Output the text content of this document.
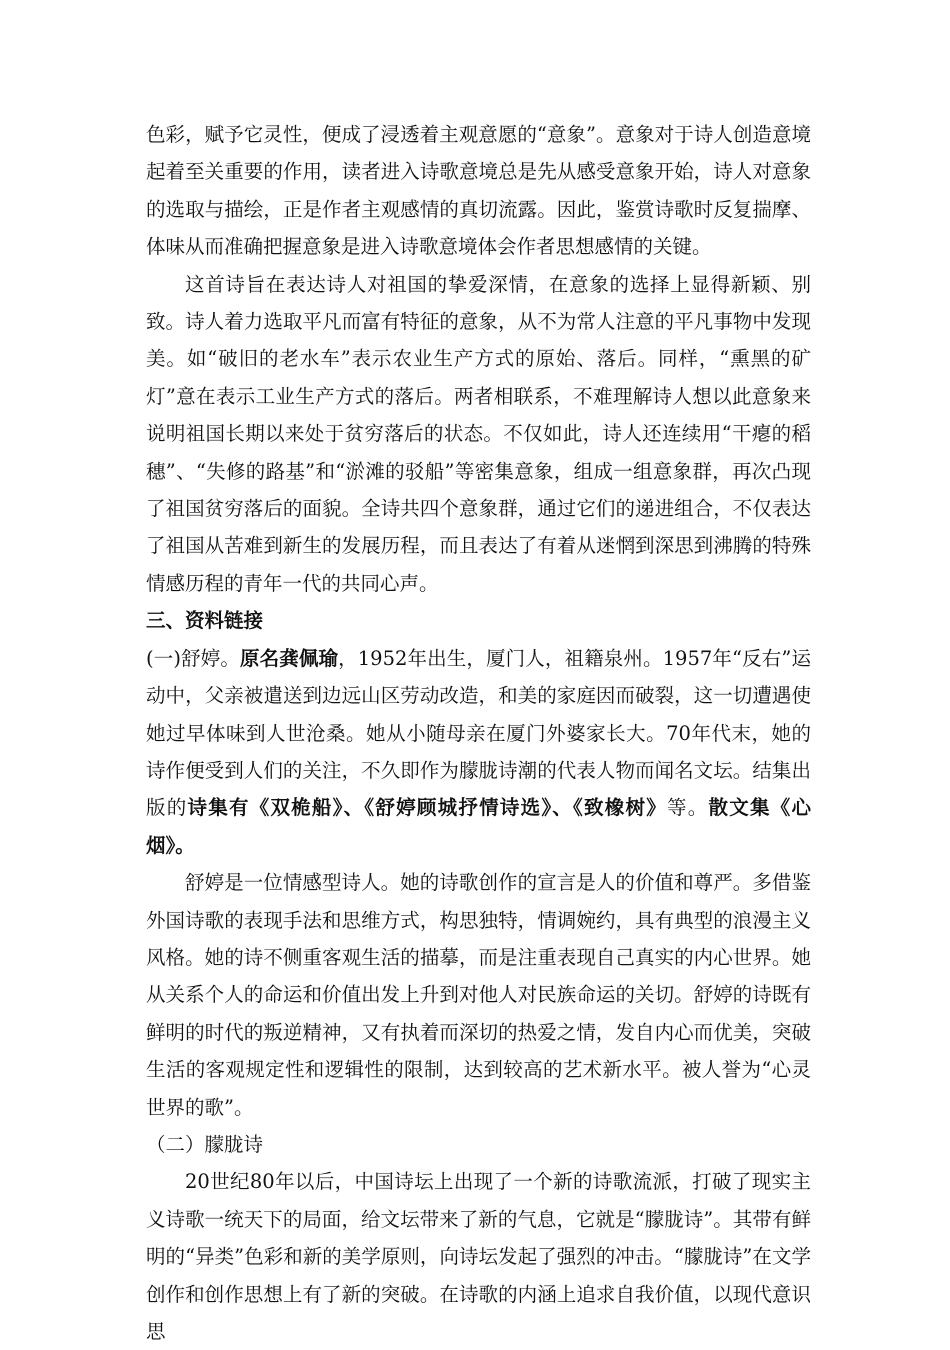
色彩，赋予它灵性，便成了浸透着主观意愿的“意象”。意象对于诗人创造意境起着至关重要的作用，读者进入诗歌意境总是先从感受意象开始，诗人对意象的选取与描绘，正是作者主观感情的真切流露。因此，鉴赏诗歌时反复揣摩、体味从而准确把握意象是进入诗歌意境体会作者思想感情的关键。

这首诗旨在表达诗人对祖国的挚爱深情，在意象的选择上显得新颖、别致。诗人着力选取平凡而富有特征的意象，从不为常人注意的平凡事物中发现美。如“破旧的老水车”表示农业生产方式的原始、落后。同样，“熏黑的矿灯”意在表示工业生产方式的落后。两者相联系，不难理解诗人想以此意象来说明祖国长期以来处于贫穷落后的状态。不仅如此，诗人还连续用“干瘪的稻穗”、“失修的路基”和“淤滩的驳船”等密集意象，组成一组意象群，再次凸现了祖国贫穷落后的面貌。全诗共四个意象群，通过它们的递进组合，不仅表达了祖国从苦难到新生的发展历程，而且表达了有着从迷惘到深思到沸腾的特殊情感历程的青年一代的共同心声。

三、资料链接

(一)舒婷。原名龚佩瑜，1952年出生，厦门人，祖籍泉州。1957年“反右”运动中，父亲被遣送到边远山区劳动改造，和美的家庭因而破裂，这一切遭遇使她过早体味到人世沧桑。她从小随母亲在厦门外婆家长大。70年代末，她的诗作便受到人们的关注，不久即作为朦胧诗潮的代表人物而闻名文坛。结集出版的诗集有《双桅船》、《舒婷顾城抒情诗选》、《致橡树》等。散文集《心烟》。

舒婷是一位情感型诗人。她的诗歌创作的宣言是人的价值和尊严。多借鉴外国诗歌的表现手法和思维方式，构思独特，情调婉约，具有典型的浪漫主义风格。她的诗不侧重客观生活的描摹，而是注重表现自己真实的内心世界。她从关系个人的命运和价值出发上升到对他人对民族命运的关切。舒婷的诗既有鲜明的时代的叛逆精神，又有执着而深切的热爱之情，发自内心而优美，突破生活的客观规定性和逻辑性的限制，达到较高的艺术新水平。被人誉为“心灵世界的歌”。

（二）朦胧诗

20世纪80年以后，中国诗坛上出现了一个新的诗歌流派，打破了现实主义诗歌一统天下的局面，给文坛带来了新的气息，它就是“朦胧诗”。其带有鲜明的“异类”色彩和新的美学原则，向诗坛发起了强烈的冲击。“朦胧诗”在文学创作和创作思想上有了新的突破。在诗歌的内涵上追求自我价值，以现代意识思
